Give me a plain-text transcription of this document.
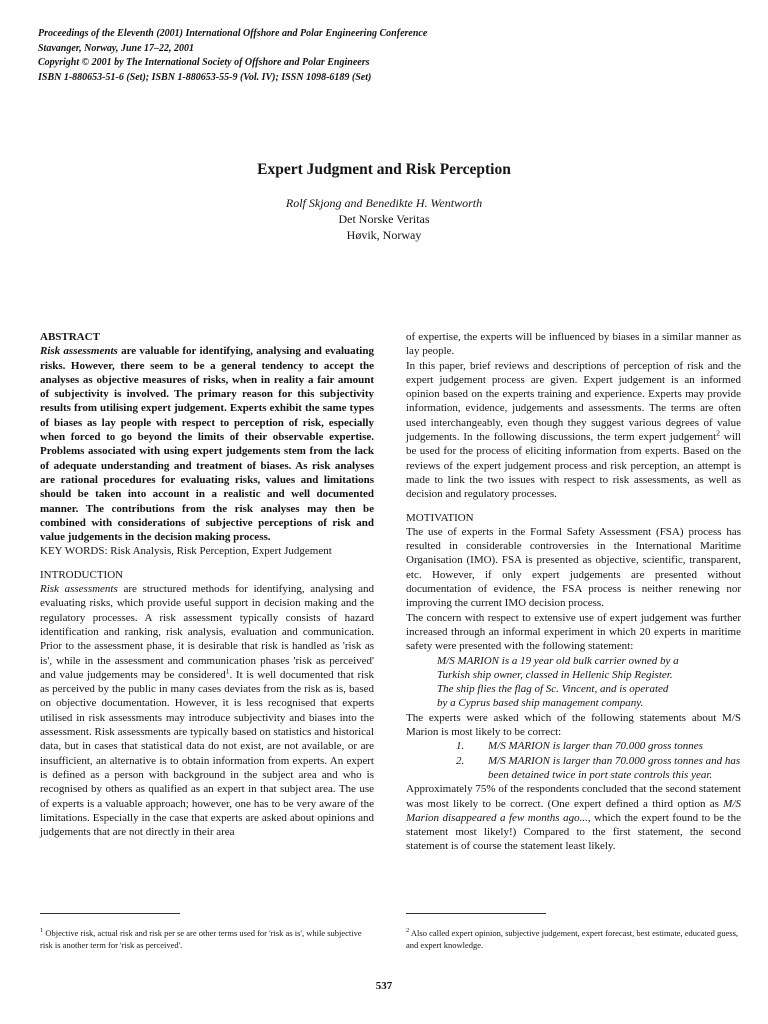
Proceedings of the Eleventh (2001) International Offshore and Polar Engineering Conference
Stavanger, Norway, June 17–22, 2001
Copyright © 2001 by The International Society of Offshore and Polar Engineers
ISBN 1-880653-51-6 (Set); ISBN 1-880653-55-9 (Vol. IV); ISSN 1098-6189 (Set)
Expert Judgment and Risk Perception
Rolf Skjong and Benedikte H. Wentworth
Det Norske Veritas
Høvik, Norway
ABSTRACT

Risk assessments are valuable for identifying, analysing and evaluating risks. However, there seem to be a general tendency to accept the analyses as objective measures of risks, when in reality a fair amount of subjectivity is involved. The primary reason for this subjectivity results from utilising expert judgement. Experts exhibit the same types of biases as lay people with respect to perception of risk, especially when forced to go beyond the limits of their observable expertise. Problems associated with using expert judgements stem from the lack of adequate understanding and treatment of biases. As risk analyses are rational procedures for evaluating risks, values and limitations should be taken into account in a realistic and well documented manner. The contributions from the risk analyses may then be combined with considerations of subjective perceptions of risk and value judgements in the decision making process.

KEY WORDS: Risk Analysis, Risk Perception, Expert Judgement

INTRODUCTION

Risk assessments are structured methods for identifying, analysing and evaluating risks, which provide useful support in decision making and the regulatory processes. A risk assessment typically consists of hazard identification and ranking, risk analysis, evaluation and communication. Prior to the assessment phase, it is desirable that risk is handled as 'risk as is', while in the assessment and communication phases 'risk as perceived' and value judgements may be considered$^1$. It is well documented that risk as perceived by the public in many cases deviates from the risk as is, based on objective documentation. However, it is less recognised that experts utilised in risk assessments may introduce subjectivity and biases into the assessment. Risk assessments are typically based on statistics and historical data, but in cases that statistical data do not exist, are not available, or are insufficient, an alternative is to obtain information from experts. An expert is defined as a person with background in the subject area and who is recognised by others as qualified as an expert in that subject area. The use of experts is a valuable approach; however, one has to be very aware of the limitations. Especially in the case that experts are asked about opinions and judgements that are not directly in their area

of expertise, the experts will be influenced by biases in a similar manner as lay people.

In this paper, brief reviews and descriptions of perception of risk and the expert judgement process are given. Expert judgement is an informed opinion based on the experts training and experience. Experts may provide information, evidence, judgements and assessments. The terms are often used interchangeably, even though they suggest various degrees of value judgements. In the following discussions, the term expert judgement$^2$ will be used for the process of eliciting information from experts. Based on the reviews of the expert judgement process and risk perception, an attempt is made to link the two issues with respect to risk assessments, as well as decision and regulatory processes.

MOTIVATION

The use of experts in the Formal Safety Assessment (FSA) process has resulted in considerable controversies in the International Maritime Organisation (IMO). FSA is presented as objective, scientific, transparent, etc. However, if only expert judgements are presented without documentation of evidence, the FSA process is neither renewing nor improving the current IMO decision process.

The concern with respect to extensive use of expert judgement was further increased through an informal experiment in which 20 experts in maritime safety were presented with the following statement:

M/S MARION is a 19 year old bulk carrier owned by a Turkish ship owner, classed in Hellenic Ship Register. The ship flies the flag of Sc. Vincent, and is operated by a Cyprus based ship management company.

The experts were asked which of the following statements about M/S Marion is most likely to be correct:

1. M/S MARION is larger than 70.000 gross tonnes
2. M/S MARION is larger than 70.000 gross tonnes and has been detained twice in port state controls this year.

Approximately 75% of the respondents concluded that the second statement was most likely to be correct. (One expert defined a third option as M/S Marion disappeared a few months ago..., which the expert found to be the statement most likely!) Compared to the first statement, the second statement is of course the statement least likely.

$^1$ Objective risk, actual risk and risk per se are other terms used for 'risk as is', while subjective risk is another term for 'risk as perceived'.
$^2$ Also called expert opinion, subjective judgement, expert forecast, best estimate, educated guess, and expert knowledge.
537
